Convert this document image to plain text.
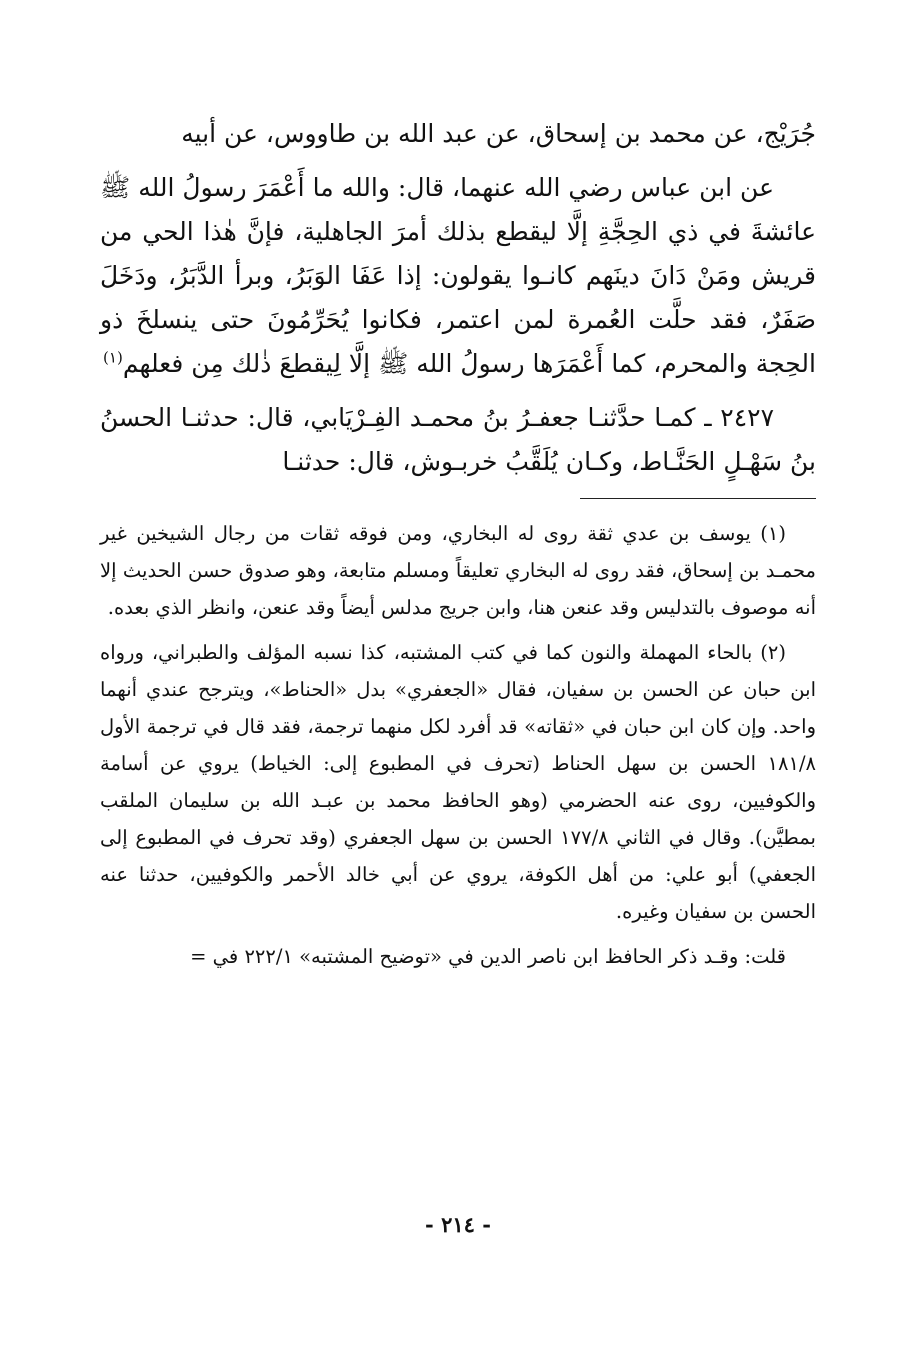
جُرَيْج، عن محمد بن إسحاق، عن عبد الله بن طاووس، عن أبيه

عن ابن عباس رضي الله عنهما، قال: والله ما أَعْمَرَ رسولُ الله ﷺ عائشةَ في ذي الحِجَّةِ إلَّا ليقطع بذلك أمرَ الجاهلية، فإنَّ هٰذا الحي من قريش ومَنْ دَانَ دينَهم كانـوا يقولون: إذا عَفَا الوَبَرُ، وبرأ الدَّبَرُ، ودَخَلَ صَفَرٌ، فقد حلَّت العُمرة لمن اعتمر، فكانوا يُحَرِّمُونَ حتى ينسلخَ ذو الحِجة والمحرم، كما أَعْمَرَها رسولُ الله ﷺ إلَّا لِيقطعَ ذٰلك مِن فعلهم$^{(١)}$

٢٤٢٧ ـ كمـا حدَّثنـا جعفـرُ بنُ محمـد الفِـرْيَابي، قال: حدثنـا الحسنُ بنُ سَهْـلٍ الحَنَّـاط، وكـان يُلَقَّبُ خربـوش، قال: حدثنـا

(١) يوسف بن عدي ثقة روى له البخاري، ومن فوقه ثقات من رجال الشيخين غير محمـد بن إسحاق، فقد روى له البخاري تعليقاً ومسلم متابعة، وهو صدوق حسن الحديث إلا أنه موصوف بالتدليس وقد عنعن هنا، وابن جريج مدلس أيضاً وقد عنعن، وانظر الذي بعده.

(٢) بالحاء المهملة والنون كما في كتب المشتبه، كذا نسبه المؤلف والطبراني، ورواه ابن حبان عن الحسن بن سفيان، فقال «الجعفري» بدل «الحناط»، ويترجح عندي أنهما واحد. وإن كان ابن حبان في «ثقاته» قد أفرد لكل منهما ترجمة، فقد قال في ترجمة الأول ١٨١/٨ الحسن بن سهل الحناط (تحرف في المطبوع إلى: الخياط) يروي عن أسامة والكوفيين، روى عنه الحضرمي (وهو الحافظ محمد بن عبـد الله بن سليمان الملقب بمطيَّن). وقال في الثاني ١٧٧/٨ الحسن بن سهل الجعفري (وقد تحرف في المطبوع إلى الجعفي) أبو علي: من أهل الكوفة، يروي عن أبي خالد الأحمر والكوفيين، حدثنا عنه الحسن بن سفيان وغيره.

قلت: وقـد ذكر الحافظ ابن ناصر الدين في «توضيح المشتبه» ٢٢٢/١ في =

- ٢١٤ -
